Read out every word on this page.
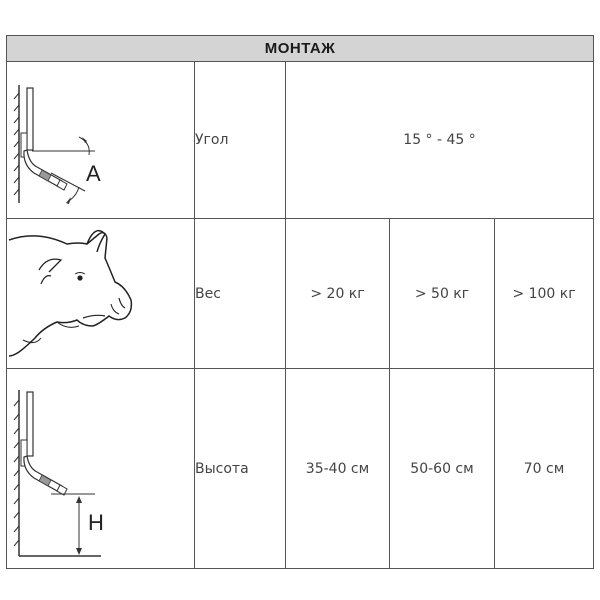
МОНТАЖ				

A	Угол	15 ° - 45 °		

	Вес	> 20 кг	> 50 кг	> 100 кг

H	Высота	35-40 см	50-60 см	70 см
